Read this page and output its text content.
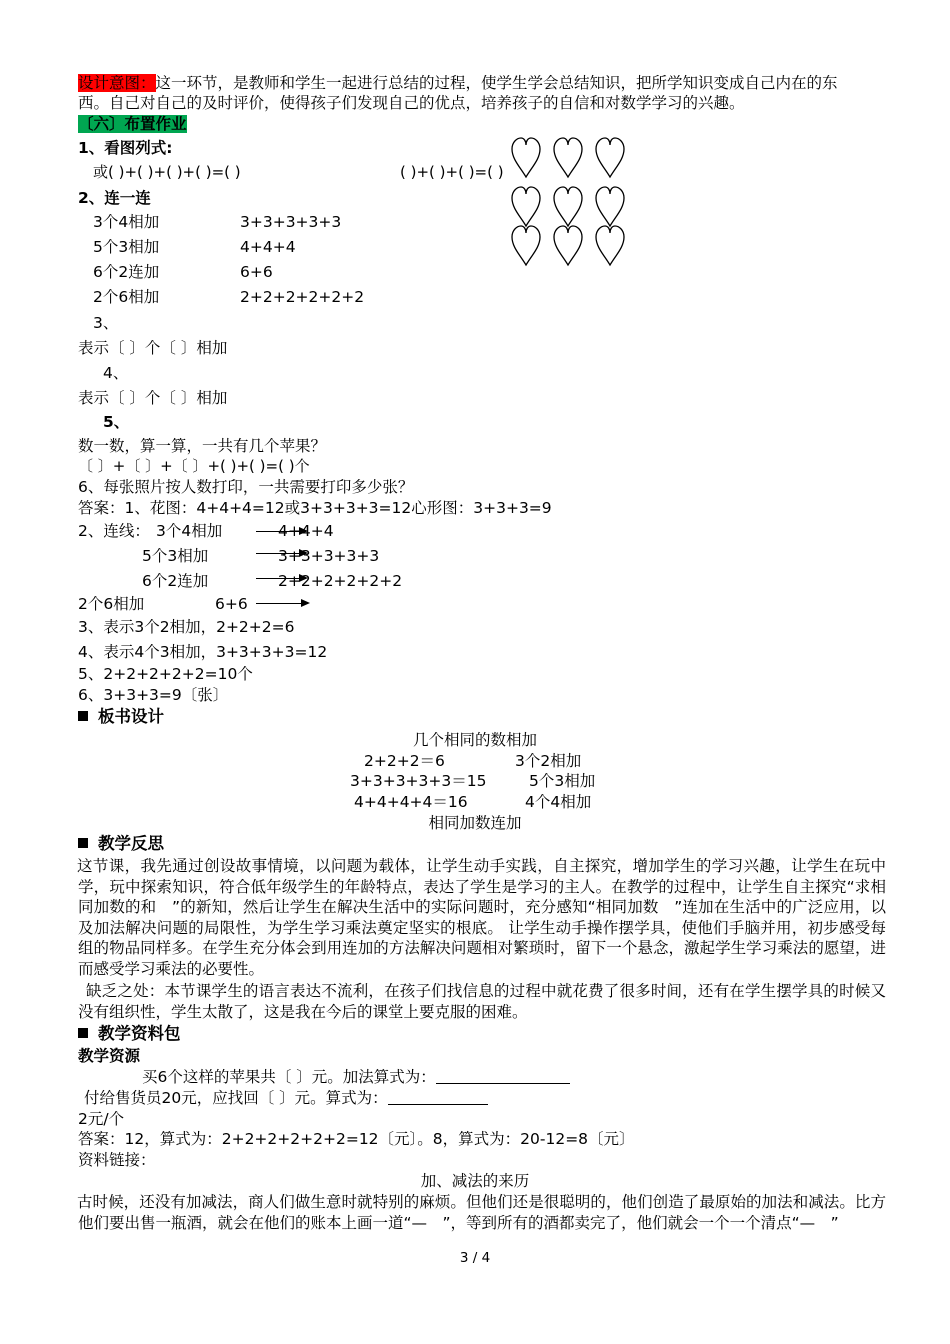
设计意图：这一环节，是教师和学生一起进行总结的过程，使学生学会总结知识，把所学知识变成自己内在的东
西。自己对自己的及时评价，使得孩子们发现自己的优点，培养孩子的自信和对数学学习的兴趣。
〔六〕布置作业
1、看图列式:
或( )+( )+( )+( )=( )	( )+( )+( )=( )
2、连一连
3个4相加	3+3+3+3+3
5个3相加	4+4+4
6个2连加	6+6
2个6相加	2+2+2+2+2+2
3、
表示〔 〕个〔 〕相加
4、
表示〔 〕个〔 〕相加
5、
数一数，算一算，一共有几个苹果？
〔 〕+〔 〕+〔 〕+( )+( )=( )个
6、每张照片按人数打印，一共需要打印多少张？
答案：1、花图：4+4+4=12或3+3+3+3=12心形图：3+3+3=9
2、连线： 3个4相加	4+4+4
5个3相加	3+3+3+3+3
6个2连加	2+2+2+2+2+2
2个6相加	6+6
3、表示3个2相加，2+2+2=6
4、表示4个3相加，3+3+3+3=12
5、2+2+2+2+2=10个
6、3+3+3=9〔张〕
板书设计
几个相同的数相加
2+2+2＝6	3个2相加
3+3+3+3+3＝15	5个3相加
4+4+4+4＝16	4个4相加
相同加数连加
教学反思
这节课，我先通过创设故事情境，以问题为载体，让学生动手实践，自主探究，增加学生的学习兴趣，让学生在玩中学，玩中探索知识，符合低年级学生的年龄特点，表达了学生是学习的主人。在教学的过程中，让学生自主探究“求相同加数的和　”的新知，然后让学生在解决生活中的实际问题时，充分感知“相同加数　”连加在生活中的广泛应用，以及加法解决问题的局限性，为学生学习乘法奠定坚实的根底。 让学生动手操作摆学具，使他们手脑并用，初步感受每组的物品同样多。在学生充分体会到用连加的方法解决问题相对繁琐时，留下一个悬念，激起学生学习乘法的愿望，进而感受学习乘法的必要性。
缺乏之处：本节课学生的语言表达不流利，在孩子们找信息的过程中就花费了很多时间，还有在学生摆学具的时候又没有组织性，学生太散了，这是我在今后的课堂上要克服的困难。
教学资料包
教学资源
买6个这样的苹果共〔 〕元。加法算式为：
付给售货员20元，应找回〔 〕元。算式为：
2元/个
答案：12，算式为：2+2+2+2+2+2=12〔元〕。8，算式为：20-12=8〔元〕
资料链接：
加、减法的来历
古时候，还没有加减法，商人们做生意时就特别的麻烦。但他们还是很聪明的，他们创造了最原始的加法和减法。比方他们要出售一瓶酒，就会在他们的账本上画一道“—　”，等到所有的酒都卖完了，他们就会一个一个清点“—　”
3 / 4
